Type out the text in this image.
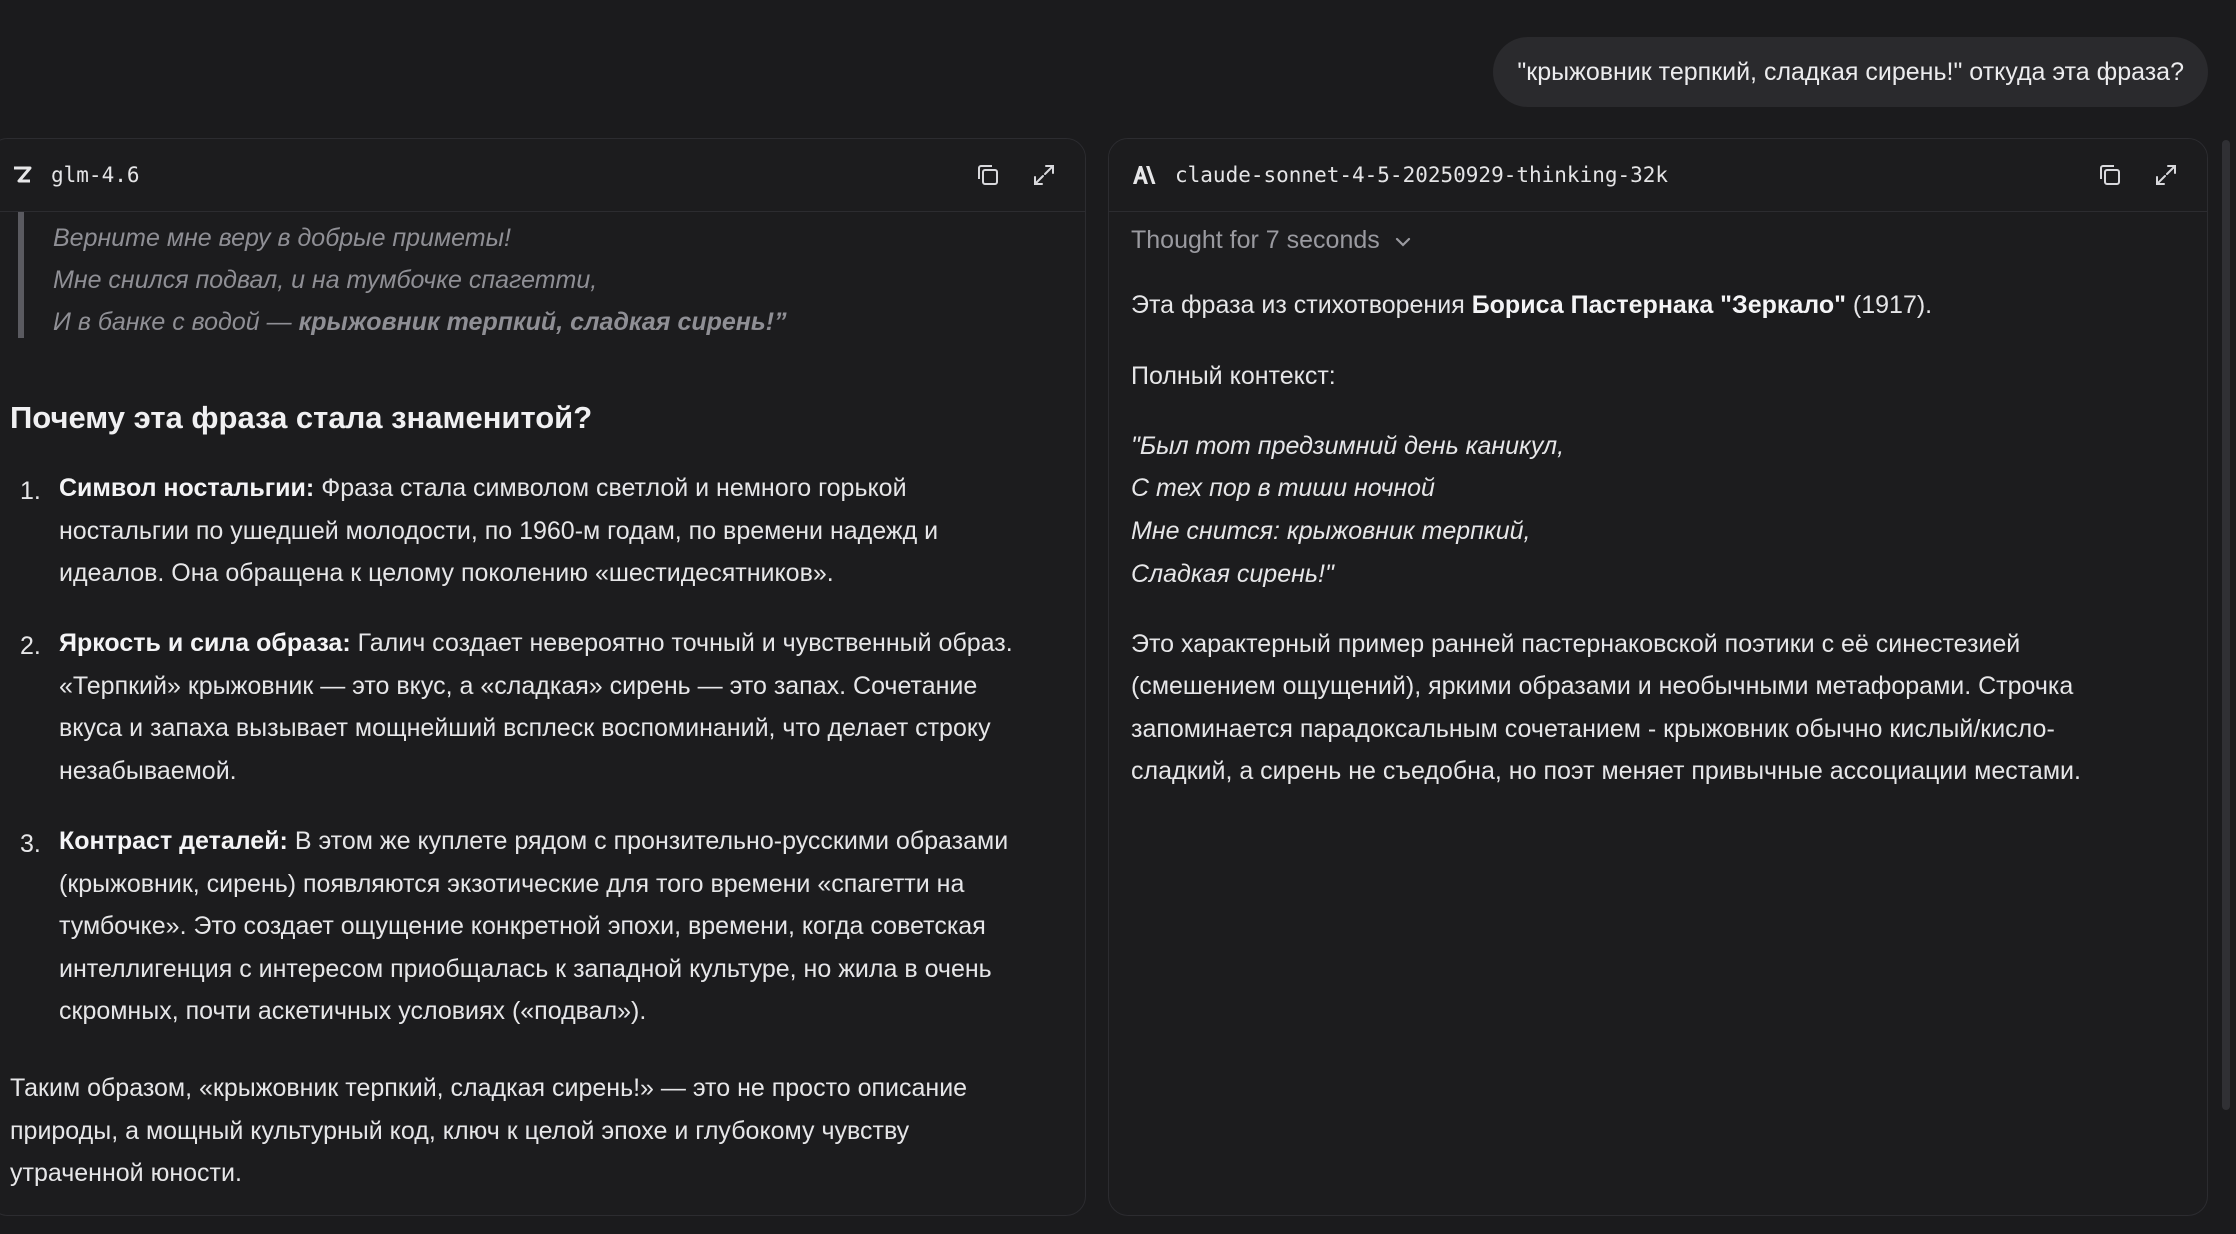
"крыжовник терпкий, сладкая сирень!" откуда эта фраза?
glm-4.6
Верните мне веру в добрые приметы!
Мне снился подвал, и на тумбочке спагетти,
И в банке с водой — крыжовник терпкий, сладкая сирень!”
Почему эта фраза стала знаменитой?
1. Символ ностальгии: Фраза стала символом светлой и немного горькой
ностальгии по ушедшей молодости, по 1960-м годам, по времени надежд и
идеалов. Она обращена к целому поколению «шестидесятников».
2. Яркость и сила образа: Галич создает невероятно точный и чувственный образ.
«Терпкий» крыжовник — это вкус, а «сладкая» сирень — это запах. Сочетание
вкуса и запаха вызывает мощнейший всплеск воспоминаний, что делает строку
незабываемой.
3. Контраст деталей: В этом же куплете рядом с пронзительно-русскими образами
(крыжовник, сирень) появляются экзотические для того времени «спагетти на
тумбочке». Это создает ощущение конкретной эпохи, времени, когда советская
интеллигенция с интересом приобщалась к западной культуре, но жила в очень
скромных, почти аскетичных условиях («подвал»).
Таким образом, «крыжовник терпкий, сладкая сирень!» — это не просто описание
природы, а мощный культурный код, ключ к целой эпохе и глубокому чувству
утраченной юности.
claude-sonnet-4-5-20250929-thinking-32k
Thought for 7 seconds
Эта фраза из стихотворения Бориса Пастернака "Зеркало" (1917).
Полный контекст:
"Был тот предзимний день каникул,
С тех пор в тиши ночной
Мне снится: крыжовник терпкий,
Сладкая сирень!"
Это характерный пример ранней пастернаковской поэтики с её синестезией
(смешением ощущений), яркими образами и необычными метафорами. Строчка
запоминается парадоксальным сочетанием - крыжовник обычно кислый/кисло-
сладкий, а сирень не съедобна, но поэт меняет привычные ассоциации местами.
